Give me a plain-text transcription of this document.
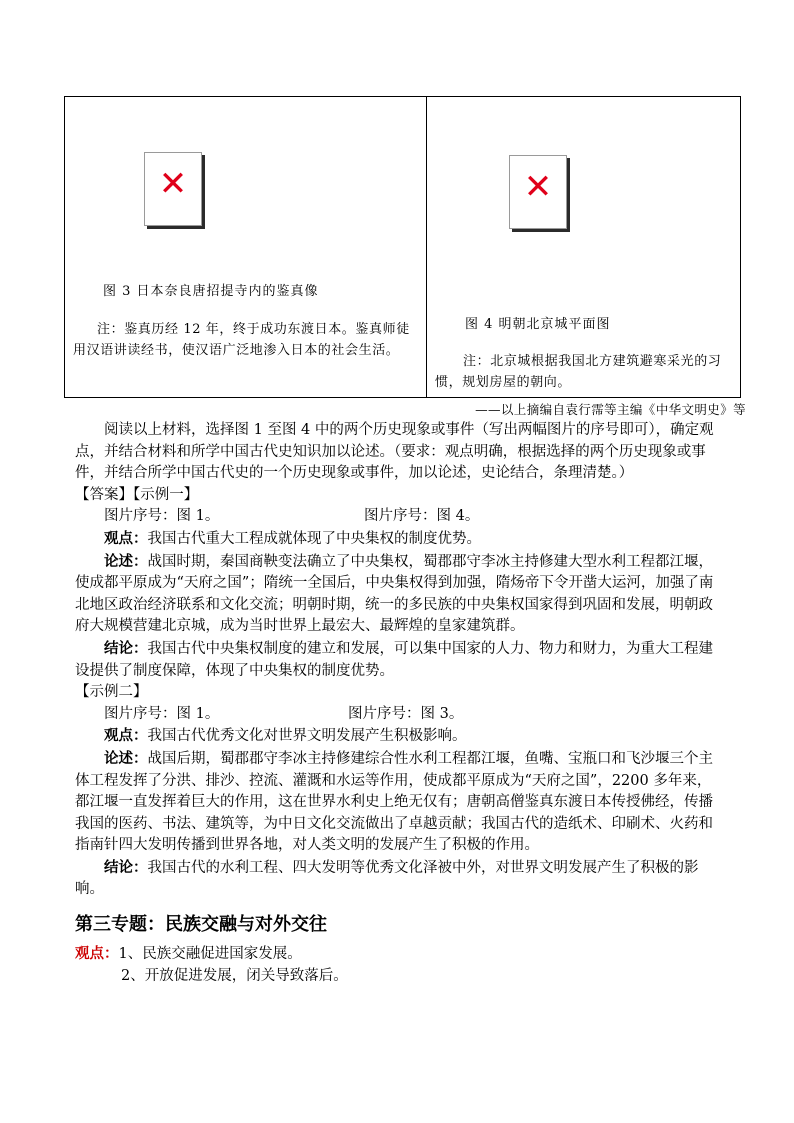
✕
图 3 日本奈良唐招提寺内的鉴真像
注：鉴真历经 12 年，终于成功东渡日本。鉴真师徒用汉语讲读经书，使汉语广泛地渗入日本的社会生活。
✕
图 4 明朝北京城平面图
注：北京城根据我国北方建筑避寒采光的习惯，规划房屋的朝向。
——以上摘编自袁行霈等主编《中华文明史》等

阅读以上材料，选择图 1 至图 4 中的两个历史现象或事件（写出两幅图片的序号即可），确定观点，并结合材料和所学中国古代史知识加以论述。（要求：观点明确，根据选择的两个历史现象或事件，并结合所学中国古代史的一个历史现象或事件，加以论述，史论结合，条理清楚。）

【答案】【示例一】

图片序号：图 1。	图片序号：图 4。

观点：我国古代重大工程成就体现了中央集权的制度优势。

论述：战国时期，秦国商鞅变法确立了中央集权，蜀郡郡守李冰主持修建大型水利工程都江堰，使成都平原成为“天府之国”；隋统一全国后，中央集权得到加强，隋炀帝下令开凿大运河，加强了南北地区政治经济联系和文化交流；明朝时期，统一的多民族的中央集权国家得到巩固和发展，明朝政府大规模营建北京城，成为当时世界上最宏大、最辉煌的皇家建筑群。

结论：我国古代中央集权制度的建立和发展，可以集中国家的人力、物力和财力，为重大工程建设提供了制度保障，体现了中央集权的制度优势。

【示例二】

图片序号：图 1。	图片序号：图 3。

观点：我国古代优秀文化对世界文明发展产生积极影响。

论述：战国后期，蜀郡郡守李冰主持修建综合性水利工程都江堰，鱼嘴、宝瓶口和飞沙堰三个主体工程发挥了分洪、排沙、控流、灌溉和水运等作用，使成都平原成为“天府之国”，2200 多年来，都江堰一直发挥着巨大的作用，这在世界水利史上绝无仅有；唐朝高僧鉴真东渡日本传授佛经，传播我国的医药、书法、建筑等，为中日文化交流做出了卓越贡献；我国古代的造纸术、印刷术、火药和指南针四大发明传播到世界各地，对人类文明的发展产生了积极的作用。

结论：我国古代的水利工程、四大发明等优秀文化泽被中外，对世界文明发展产生了积极的影响。

第三专题：民族交融与对外交往

观点：1、民族交融促进国家发展。

2、开放促进发展，闭关导致落后。
